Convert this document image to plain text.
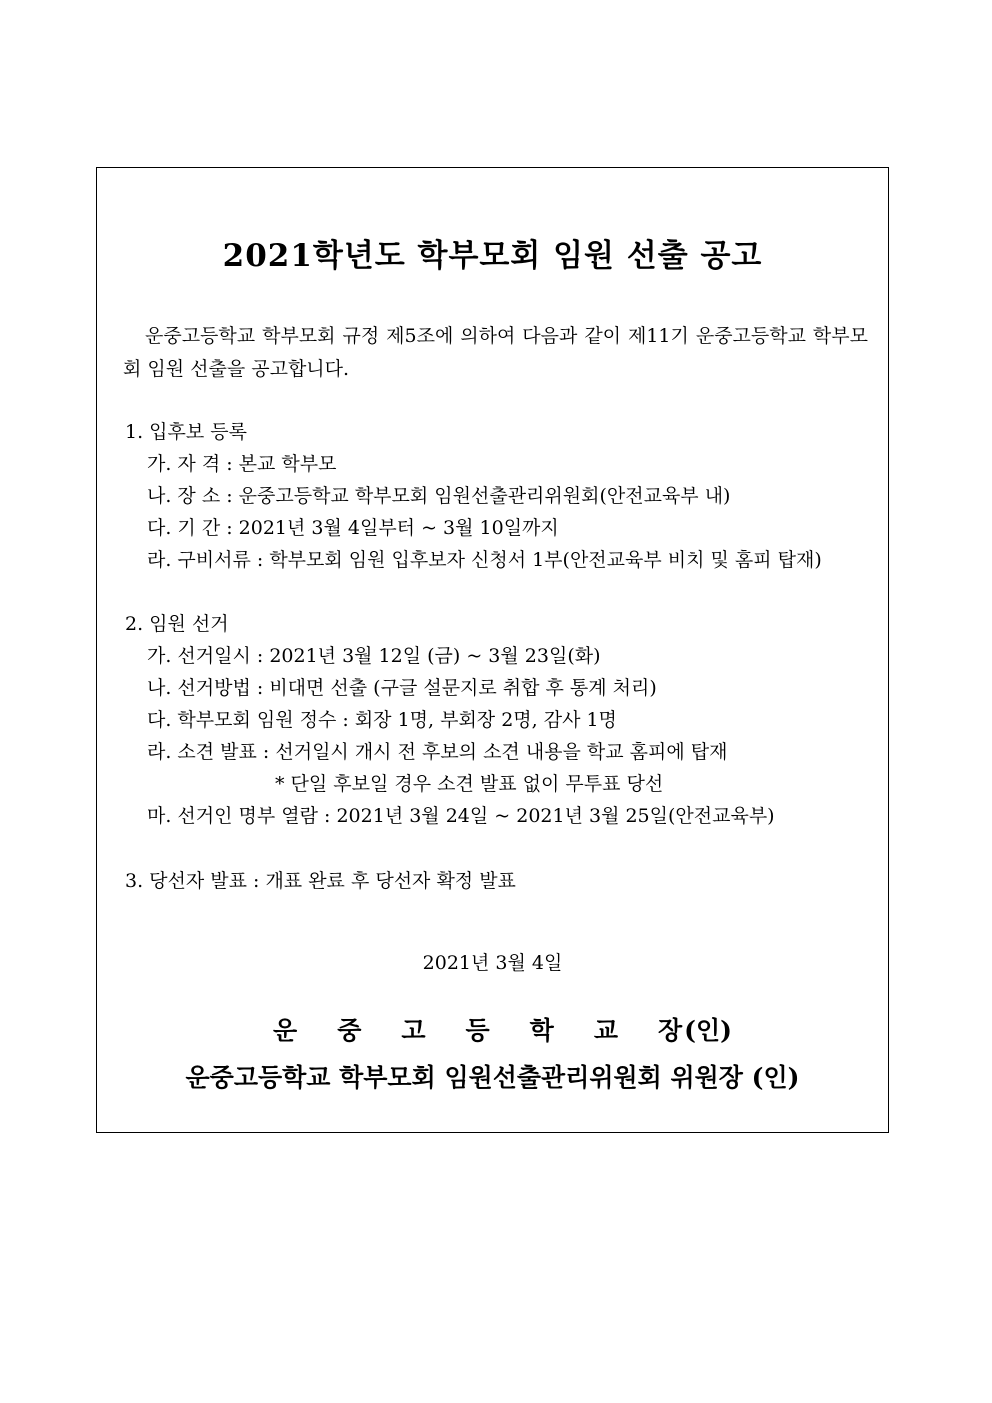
2021학년도 학부모회 임원 선출 공고
운중고등학교 학부모회 규정 제5조에 의하여 다음과 같이 제11기 운중고등학교 학부모회 임원 선출을 공고합니다.
1. 입후보 등록
가. 자 격 : 본교 학부모
나. 장 소 : 운중고등학교 학부모회 임원선출관리위원회(안전교육부 내)
다. 기 간 : 2021년 3월 4일부터 ~ 3월 10일까지
라. 구비서류 : 학부모회 임원 입후보자 신청서 1부(안전교육부 비치 및 홈피 탑재)
2. 임원 선거
가. 선거일시 : 2021년 3월 12일 (금) ~ 3월 23일(화)
나. 선거방법 : 비대면 선출 (구글 설문지로 취합 후 통계 처리)
다. 학부모회 임원 정수 : 회장 1명, 부회장 2명, 감사 1명
라. 소견 발표 : 선거일시 개시 전 후보의 소견 내용을 학교 홈피에 탑재
* 단일 후보일 경우 소견 발표 없이 무투표 당선
마. 선거인 명부 열람 : 2021년 3월 24일 ~ 2021년 3월 25일(안전교육부)
3. 당선자 발표 : 개표 완료 후 당선자 확정 발표
2021년 3월 4일
운 중 고 등 학 교 장(인)
운중고등학교 학부모회 임원선출관리위원회 위원장 (인)
